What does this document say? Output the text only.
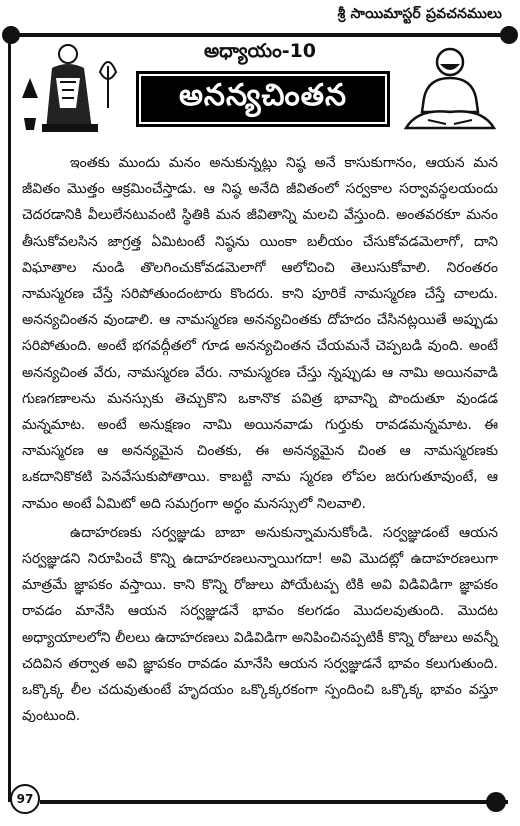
శ్రీ సాయిమాస్టర్ ప్రవచనములు
అధ్యాయం-10
అనన్యచింతన

ఇంతకు ముందు మనం అనుకున్నట్లు నిష్ఠ అనే కాసుకుగానం, ఆయన మన జీవితం మొత్తం ఆక్రమించేస్తాడు. ఆ నిష్ఠ అనేది జీవితంలో సర్వకాల సర్వావస్థలయందు చెదరడానికి వీలులేనటువంటి స్థితికి మన జీవితాన్ని మలచి వేస్తుంది. అంతవరకూ మనం తీసుకోవలసిన జాగ్రత్త ఏమిటంటే నిష్ఠను యింకా బలీయం చేసుకోవడమెలాగో, దాని విఘాతాల నుండి తొలగించుకోవడమెలాగో ఆలోచించి తెలుసుకోవాలి. నిరంతరం నామస్మరణ చేస్తే సరిపోతుందంటారు కొందరు. కాని పూరికే నామస్మరణ చేస్తే చాలదు. అనన్యచింతన వుండాలి. ఆ నామస్మరణ అనన్యచింతకు దోహదం చేసినట్లయితే అప్పుడు సరిపోతుంది. అంటే భగవద్గీతలో గూడ అనన్యచింతన చేయమనే చెప్పబడి వుంది. అంటే అనన్యచింత వేరు, నామస్మరణ వేరు. నామస్మరణ చేస్తు న్నప్పుడు ఆ నామి అయినవాడి గుణగణాలను మనస్సుకు తెచ్చుకొని ఒకానొక పవిత్ర భావాన్ని పొందుతూ వుండడ మన్నమాట. అంటే అనుక్షణం నామి అయినవాడు గుర్తుకు రావడమన్నమాట. ఈ నామస్మరణ ఆ అనన్యమైన చింతకు, ఈ అనన్యమైన చింత ఆ నామస్మరణకు ఒకదానికొకటి పెనవేసుకుపోతాయి. కాబట్టి నామ స్మరణ లోపల జరుగుతూవుంటే, ఆ నామం అంటే ఏమిటో అది సమగ్రంగా అర్థం మనస్సులో నిలవాలి.

ఉదాహరణకు సర్వజ్ఞుడు బాబా అనుకున్నామనుకోండి. సర్వజ్ఞుడంటే ఆయన సర్వజ్ఞుడని నిరూపించే కొన్ని ఉదాహరణలున్నాయిగదా! అవి మొదట్లో ఉదాహరణలుగా మాత్రమే జ్ఞాపకం వస్తాయి. కాని కొన్ని రోజులు పోయేటప్ప టికి అవి విడివిడిగా జ్ఞాపకం రావడం మానేసి ఆయన సర్వజ్ఞుడనే భావం కలగడం మొదలవుతుంది. మొదట అధ్యాయాలలోని లీలలు ఉదాహరణలు విడివిడిగా అనిపించినప్పటికీ కొన్ని రోజులు అవన్నీ చదివిన తర్వాత అవి జ్ఞాపకం రావడం మానేసి ఆయన సర్వజ్ఞుడనే భావం కలుగుతుంది. ఒక్కొక్క లీల చదువుతుంటే హృదయం ఒక్కొక్కరకంగా స్పందించి ఒక్కొక్క భావం వస్తూ వుంటుంది.

97
